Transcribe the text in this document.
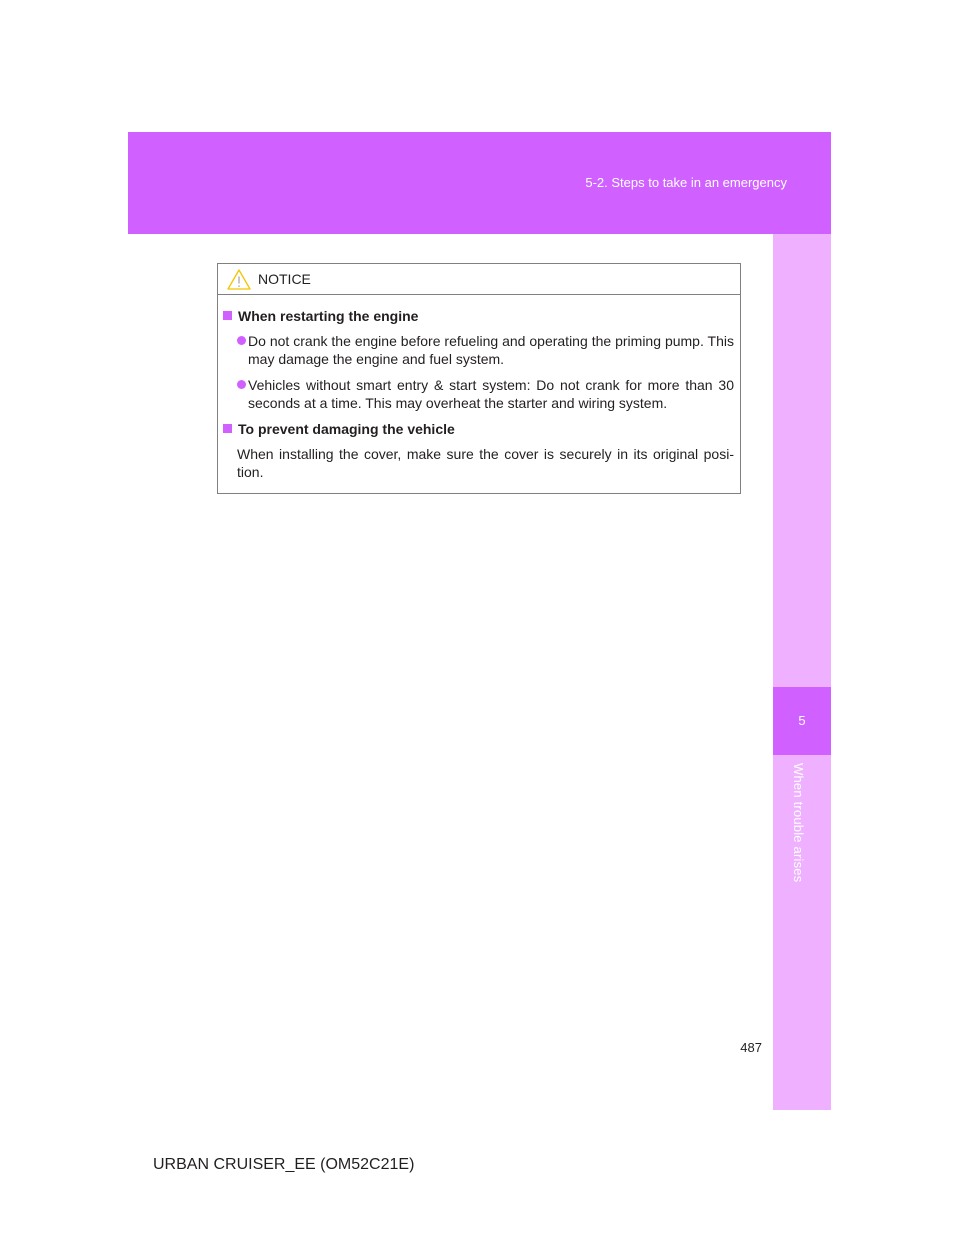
5-2. Steps to take in an emergency
5
When trouble arises
NOTICE
When restarting the engine
Do not crank the engine before refueling and operating the priming pump. This may damage the engine and fuel system.
Vehicles without smart entry & start system: Do not crank for more than 30 seconds at a time. This may overheat the starter and wiring system.
To prevent damaging the vehicle

When installing the cover, make sure the cover is securely in its original posi-tion.

487
URBAN CRUISER_EE (OM52C21E)
